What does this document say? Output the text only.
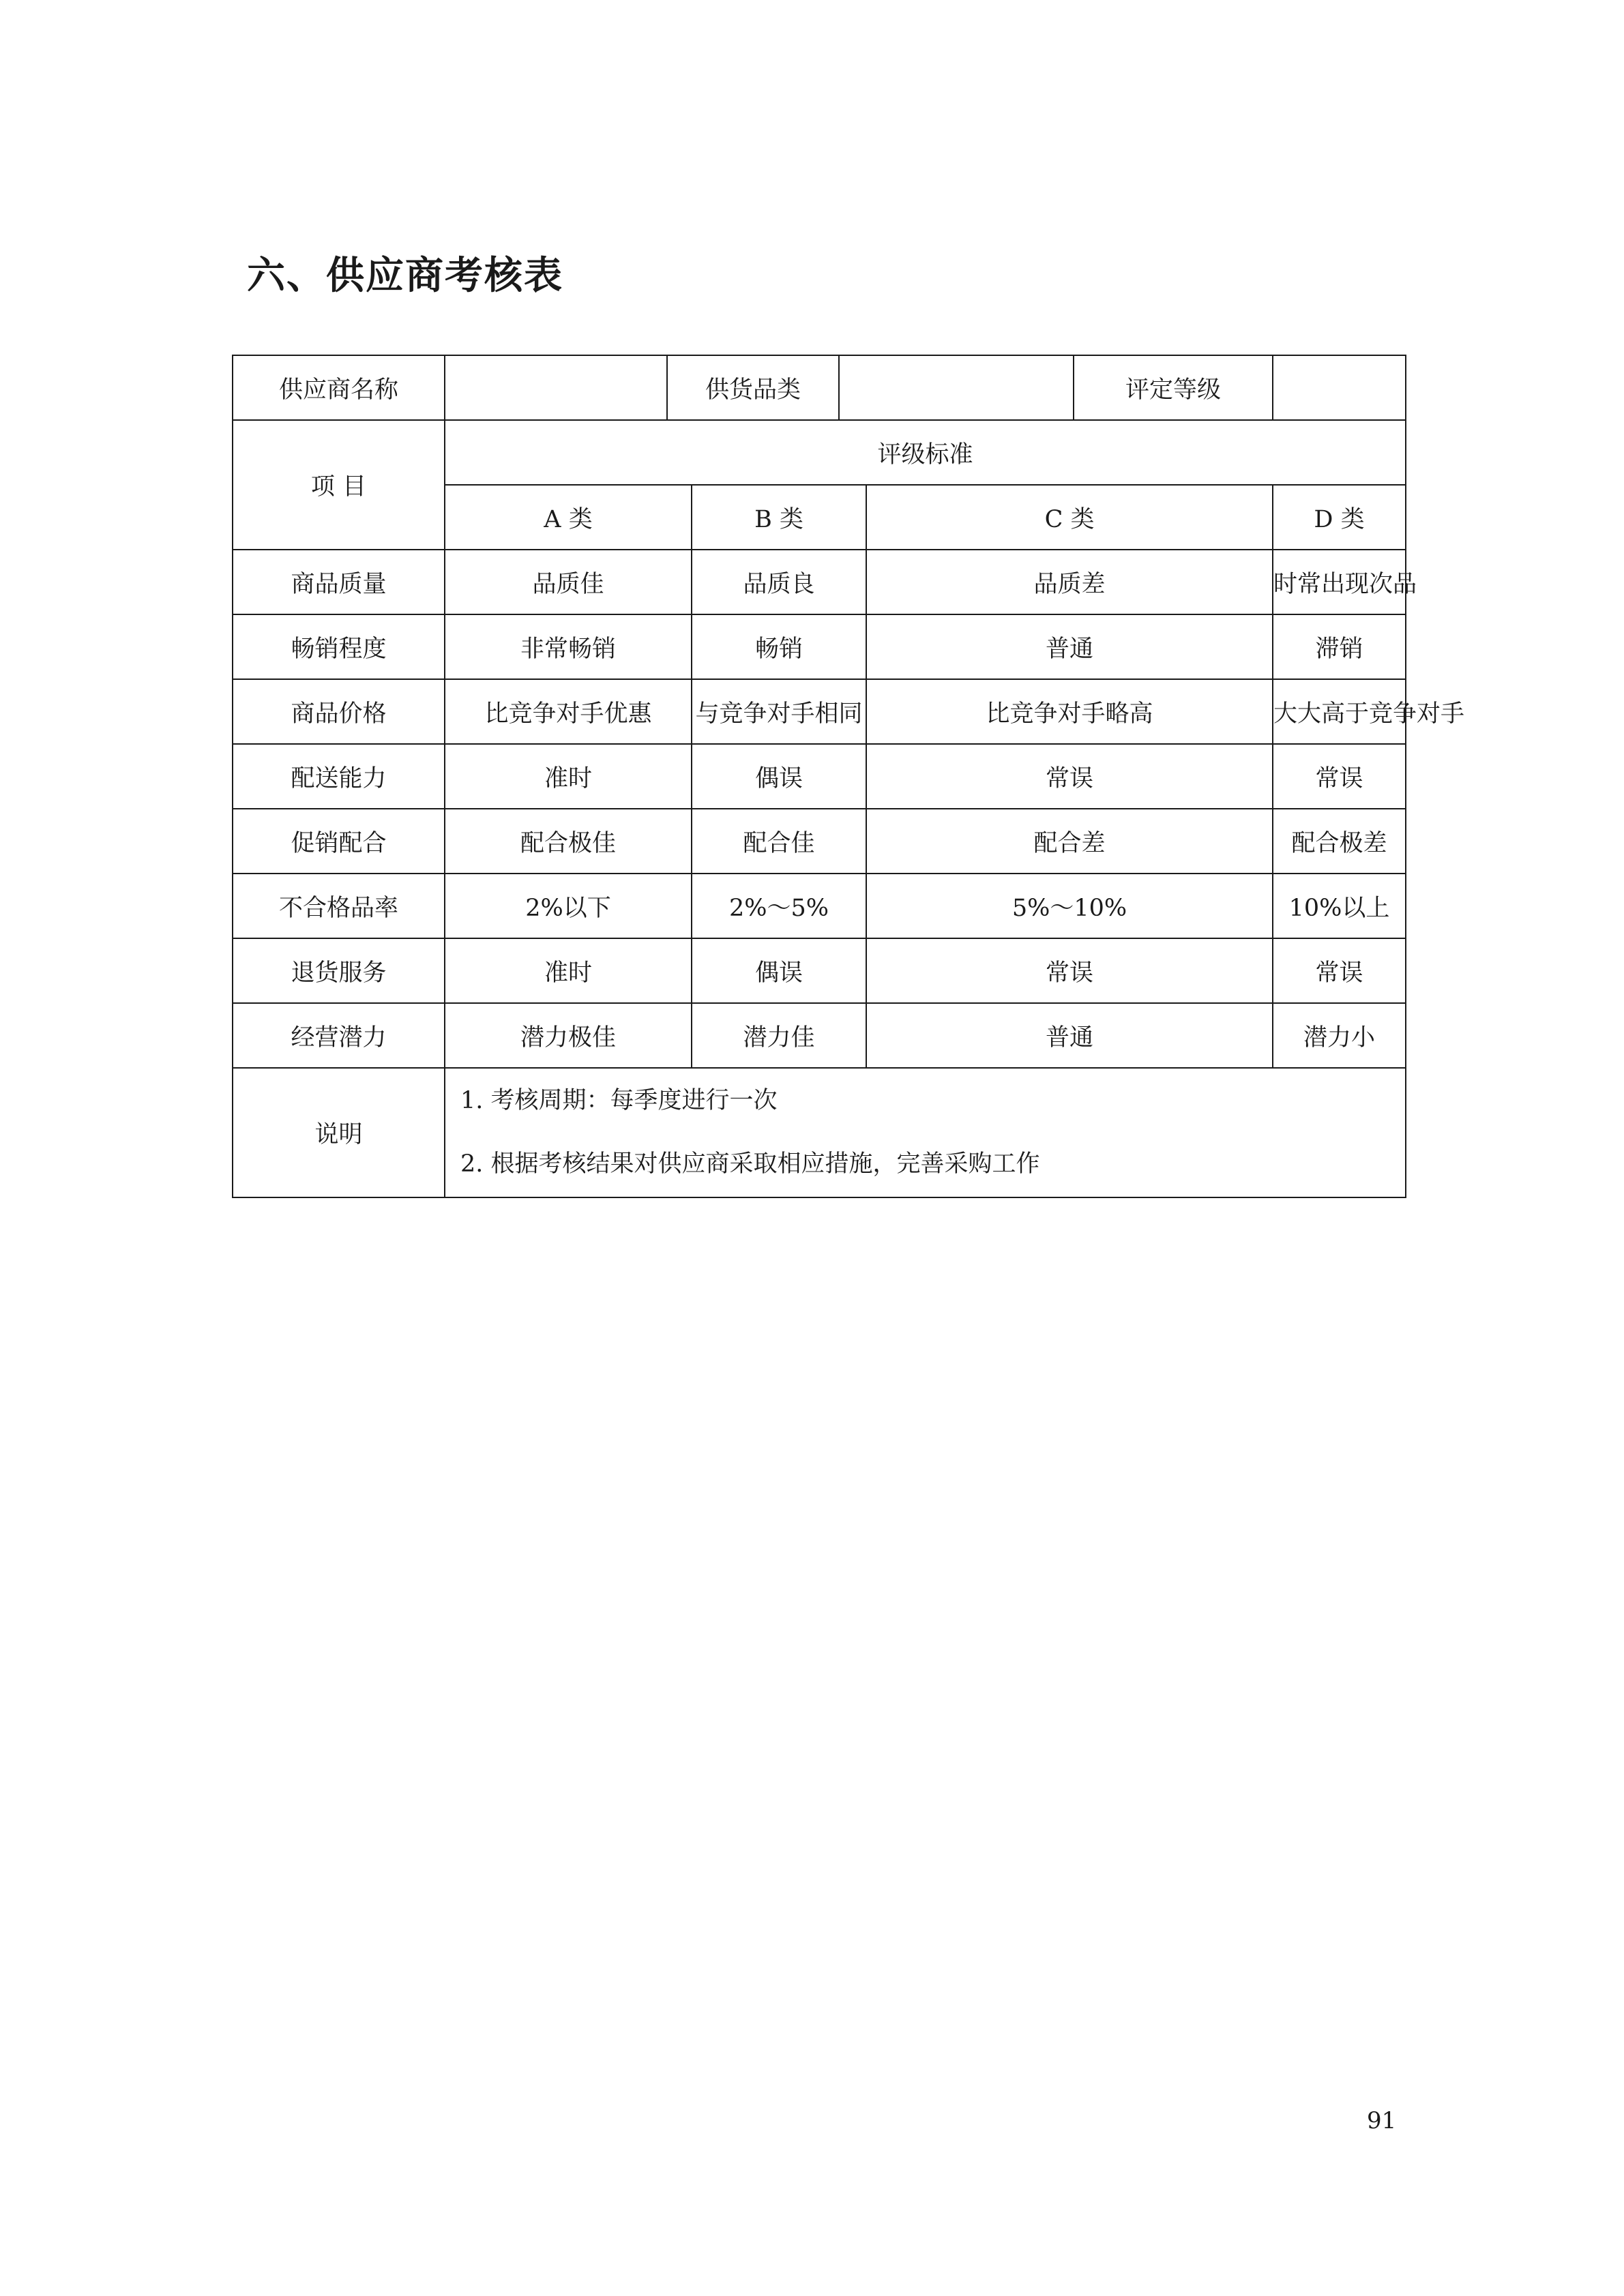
六、供应商考核表
供应商名称		供货品类				评定等级	
项 目	评级标准						
	A 类		B 类		C 类		D 类
商品质量	品质佳		品质良		品质差		时常出现次品
畅销程度	非常畅销		畅销		普通		滞销
商品价格	比竞争对手优惠		与竞争对手相同		比竞争对手略高		大大高于竞争对手
配送能力	准时		偶误		常误		常误
促销配合	配合极佳		配合佳		配合差		配合极差
不合格品率	2%以下		2%～5%		5%～10%		10%以上
退货服务	准时		偶误		常误		常误
经营潜力	潜力极佳		潜力佳		普通		潜力小
说明	1. 考核周期：每季度进行一次
2. 根据考核结果对供应商采取相应措施，完善采购工作						
91
